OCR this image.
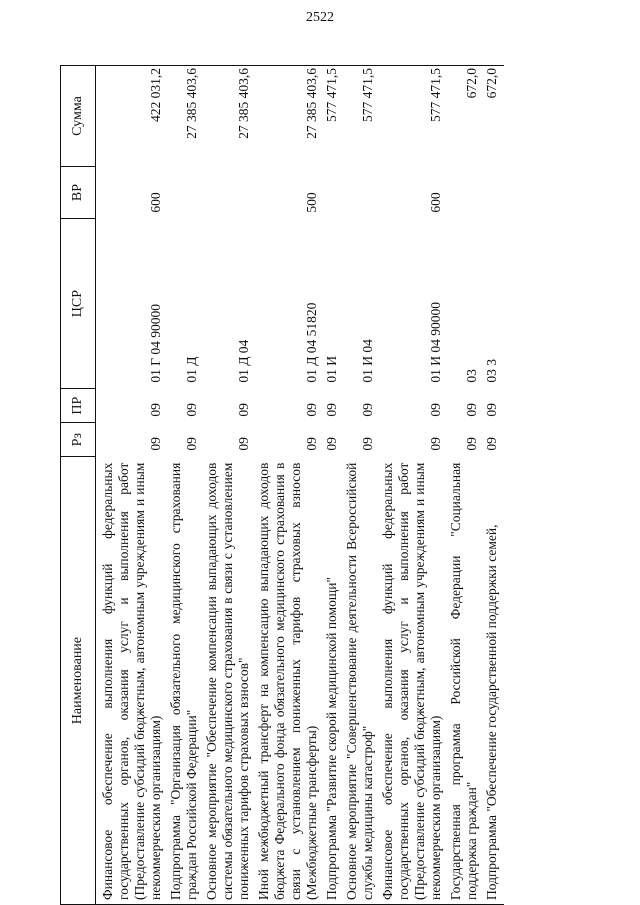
2522
Наименование	Рз	ПР	ЦСР	ВР	Сумма
Финансовое обеспечение выполнения функций федеральных государственных органов, оказания услуг и выполнения работ (Предоставление субсидий бюджетным, автономным учреждениям и иным некоммерческим организациям)	09	09	01 Г 04 90000	600	422 031,2
Подпрограмма "Организация обязательного медицинского страхования граждан Российской Федерации"	09	09	01 Д		27 385 403,6
Основное мероприятие "Обеспечение компенсации выпадающих доходов системы обязательного медицинского страхования в связи с установлением пониженных тарифов страховых взносов"	09	09	01 Д 04		27 385 403,6
Иной межбюджетный трансферт на компенсацию выпадающих доходов бюджета Федерального фонда обязательного медицинского страхования в связи с установлением пониженных тарифов страховых взносов (Межбюджетные трансферты)	09	09	01 Д 04 51820	500	27 385 403,6
Подпрограмма "Развитие скорой медицинской помощи"	09	09	01 И		577 471,5
Основное мероприятие "Совершенствование деятельности Всероссийской службы медицины катастроф"	09	09	01 И 04		577 471,5
Финансовое обеспечение выполнения функций федеральных государственных органов, оказания услуг и выполнения работ (Предоставление субсидий бюджетным, автономным учреждениям и иным некоммерческим организациям)	09	09	01 И 04 90000	600	577 471,5
Государственная программа Российской Федерации "Социальная поддержка граждан"	09	09	03		672,0
Подпрограмма "Обеспечение государственной поддержки семей,	09	09	03 3		672,0
